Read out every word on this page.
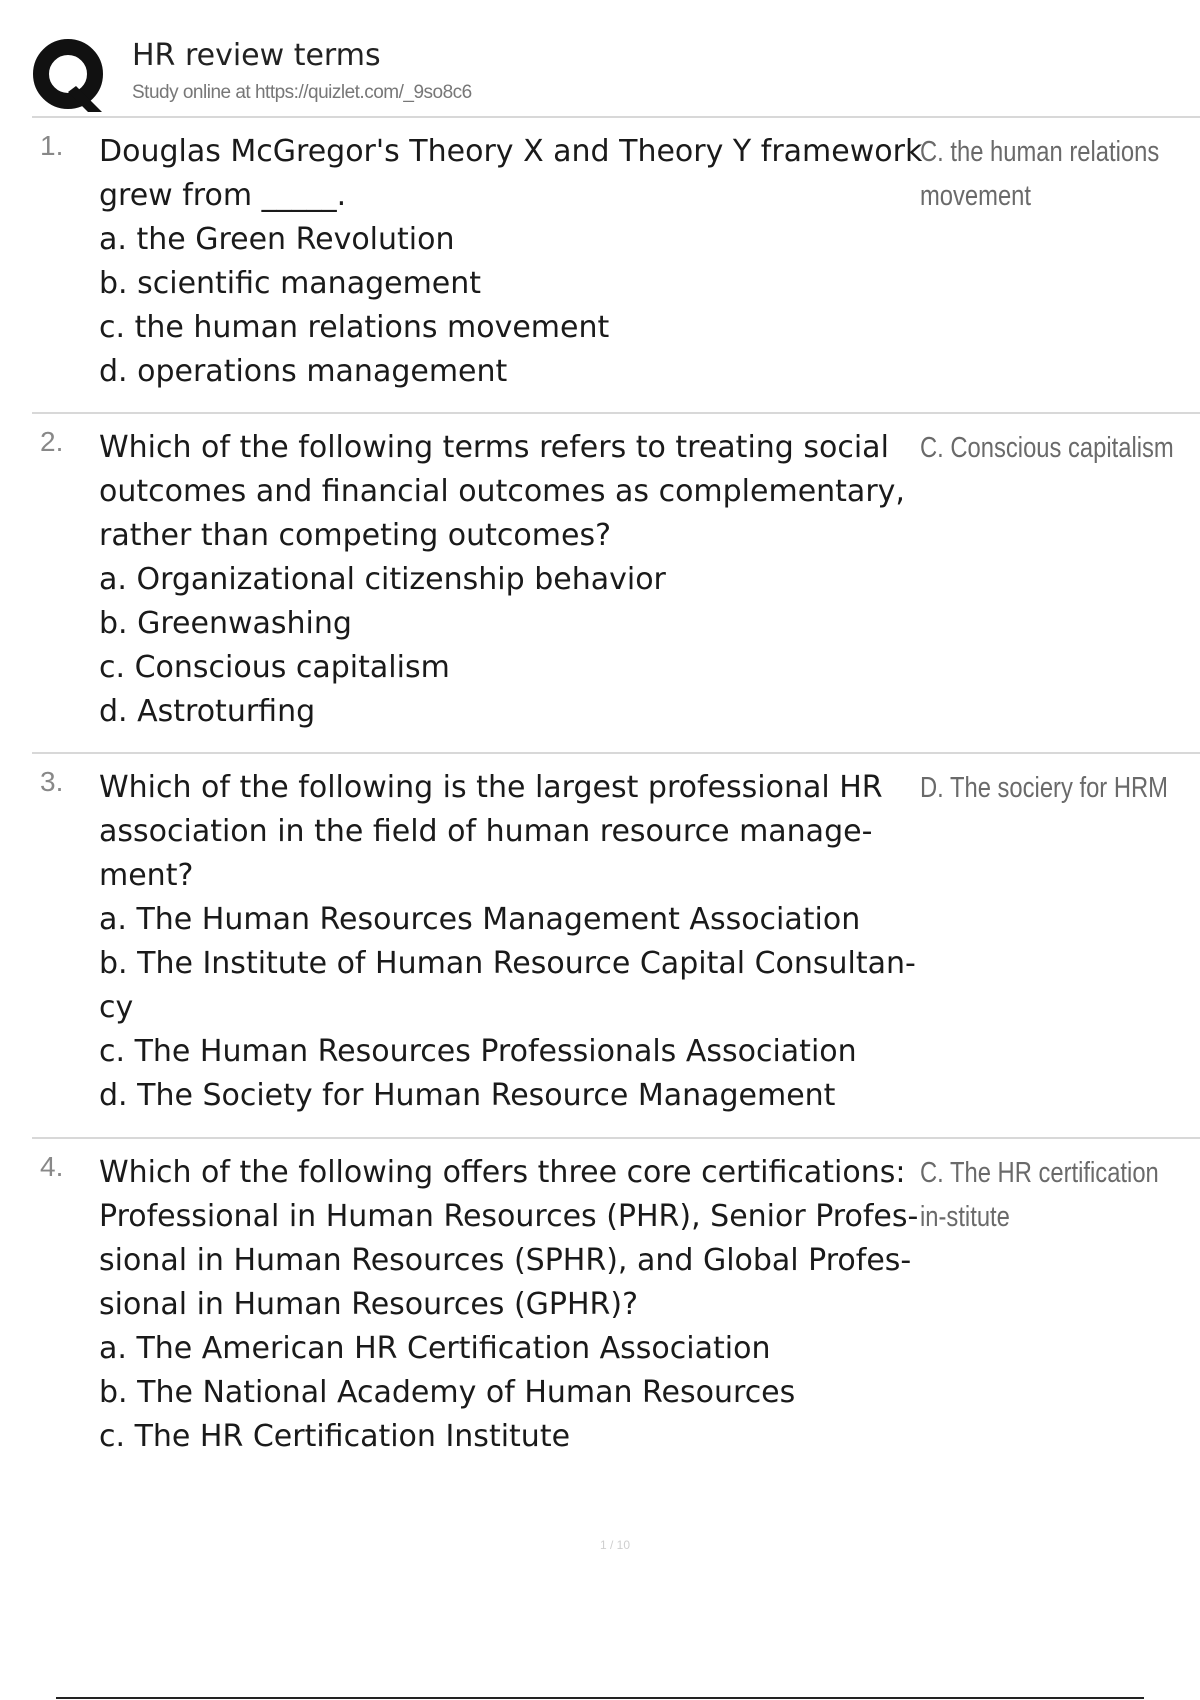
HR review terms
Study online at https://quizlet.com/_9so8c6
1. Douglas McGregor's Theory X and Theory Y framework grew from _____.
a. the Green Revolution
b. scientific management
c. the human relations movement
d. operations management
C. the human relations movement
2. Which of the following terms refers to treating social outcomes and financial outcomes as complementary, rather than competing outcomes?
a. Organizational citizenship behavior
b. Greenwashing
c. Conscious capitalism
d. Astroturfing
C. Conscious capitalism
3. Which of the following is the largest professional HR association in the field of human resource manage-ment?
a. The Human Resources Management Association
b. The Institute of Human Resource Capital Consultan-cy
c. The Human Resources Professionals Association
d. The Society for Human Resource Management
D. The sociery for HRM
4. Which of the following offers three core certifications: Professional in Human Resources (PHR), Senior Profes-sional in Human Resources (SPHR), and Global Profes-sional in Human Resources (GPHR)?
a. The American HR Certification Association
b. The National Academy of Human Resources
c. The HR Certification Institute
C. The HR certification in-stitute
1 / 10
